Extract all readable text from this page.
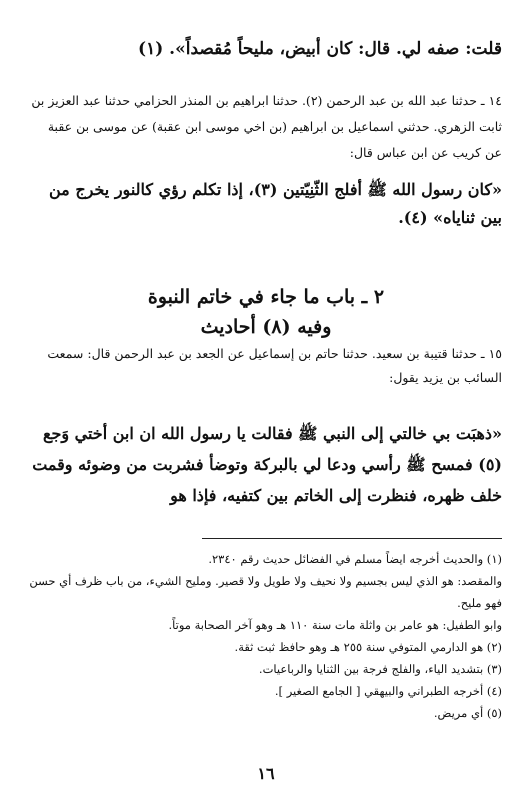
قلت: صفه لي. قال: كان أبيض، مليحاً مُقصداً». (١)
١٤ ـ حدثنا عبد الله بن عبد الرحمن (٢). حدثنا ابراهيم بن المنذر الحزامي حدثنا عبد العزيز بن ثابت الزهري. حدثني اسماعيل بن ابراهيم (بن اخي موسى ابن عقبة) عن موسى بن عقبة عن كريب عن ابن عباس قال:
«كان رسول الله ﷺ أفلج الثّنِيّتين (٣)، إذا تكلم رؤي كالنور يخرج من بين ثناياه» (٤).
٢ ـ باب ما جاء في خاتم النبوة
وفيه (٨) أحاديث
١٥ ـ حدثنا قتيبة بن سعيد. حدثنا حاتم بن إسماعيل عن الجعد بن عبد الرحمن قال: سمعت السائب بن يزيد يقول:
«ذهبَت بي خالتي إلى النبي ﷺ فقالت يا رسول الله ان ابن أختي وَجع (٥) فمسح ﷺ رأسي ودعا لي بالبركة وتوضأ فشربت من وضوئه وقمت خلف ظهره، فنظرت إلى الخاتم بين كتفيه، فإذا هو

(١) والحديث أخرجه ايضاً مسلم في الفضائل حديث رقم ٢٣٤٠.

والمقصد: هو الذي ليس بجسيم ولا نحيف ولا طويل ولا قصير. ومليح الشيء، من باب ظرف أي حسن فهو مليح.

وابو الطفيل: هو عامر بن واثلة مات سنة ١١٠ هـ وهو آخر الصحابة موتاً.

(٢) هو الدارمي المتوفي سنة ٢٥٥ هـ وهو حافظ ثبت ثقة.

(٣) بتشديد الياء، والفلج فرجة بين الثنايا والرباعيات.

(٤) أخرجه الطبراني والبيهقي [ الجامع الصغير ].

(٥) أي مريض.

١٦
